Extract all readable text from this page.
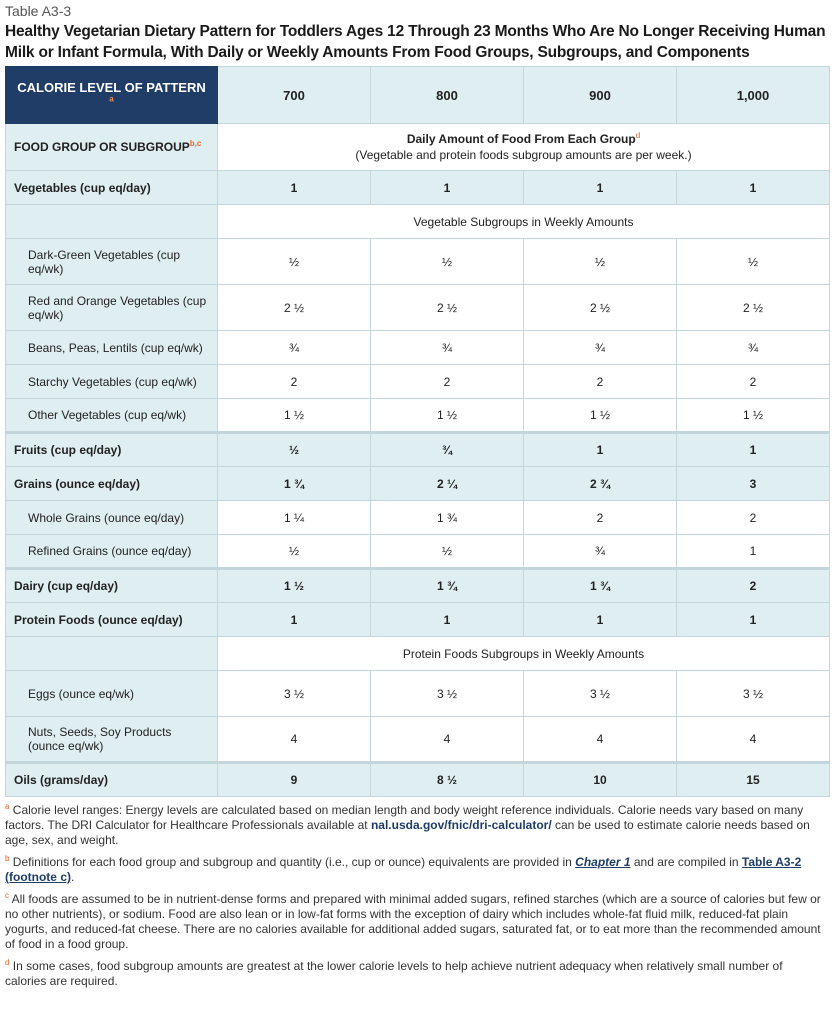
Table A3-3
Healthy Vegetarian Dietary Pattern for Toddlers Ages 12 Through 23 Months Who Are No Longer Receiving Human Milk or Infant Formula, With Daily or Weekly Amounts From Food Groups, Subgroups, and Components
CALORIE LEVEL OF PATTERN $^a$	700	800	900	1,000
FOOD GROUP OR SUBGROUP$^{b,c}$	Daily Amount of Food From Each Group$^d$
(Vegetable and protein foods subgroup amounts are per week.)			
Vegetables (cup eq/day)	1	1	1	1
	Vegetable Subgroups in Weekly Amounts			
Dark-Green Vegetables (cup eq/wk)	½	½	½	½
Red and Orange Vegetables (cup eq/wk)	2 ½	2 ½	2 ½	2 ½
Beans, Peas, Lentils (cup eq/wk)	¾	¾	¾	¾
Starchy Vegetables (cup eq/wk)	2	2	2	2
Other Vegetables (cup eq/wk)	1 ½	1 ½	1 ½	1 ½
Fruits (cup eq/day)	½	¾	1	1
Grains (ounce eq/day)	1 ¾	2 ¼	2 ¾	3
Whole Grains (ounce eq/day)	1 ¼	1 ¾	2	2
Refined Grains (ounce eq/day)	½	½	¾	1
Dairy (cup eq/day)	1 ½	1 ¾	1 ¾	2
Protein Foods (ounce eq/day)	1	1	1	1
	Protein Foods Subgroups in Weekly Amounts			
Eggs (ounce eq/wk)	3 ½	3 ½	3 ½	3 ½
Nuts, Seeds, Soy Products (ounce eq/wk)	4	4	4	4
Oils (grams/day)	9	8 ½	10	15
$^a$ Calorie level ranges: Energy levels are calculated based on median length and body weight reference individuals. Calorie needs vary based on many factors. The DRI Calculator for Healthcare Professionals available at nal.usda.gov/fnic/dri-calculator/ can be used to estimate calorie needs based on age, sex, and weight.
$^b$ Definitions for each food group and subgroup and quantity (i.e., cup or ounce) equivalents are provided in Chapter 1 and are compiled in Table A3-2 (footnote c).
$^c$ All foods are assumed to be in nutrient-dense forms and prepared with minimal added sugars, refined starches (which are a source of calories but few or no other nutrients), or sodium. Food are also lean or in low-fat forms with the exception of dairy which includes whole-fat fluid milk, reduced-fat plain yogurts, and reduced-fat cheese. There are no calories available for additional added sugars, saturated fat, or to eat more than the recommended amount of food in a food group.
$^d$ In some cases, food subgroup amounts are greatest at the lower calorie levels to help achieve nutrient adequacy when relatively small number of calories are required.
